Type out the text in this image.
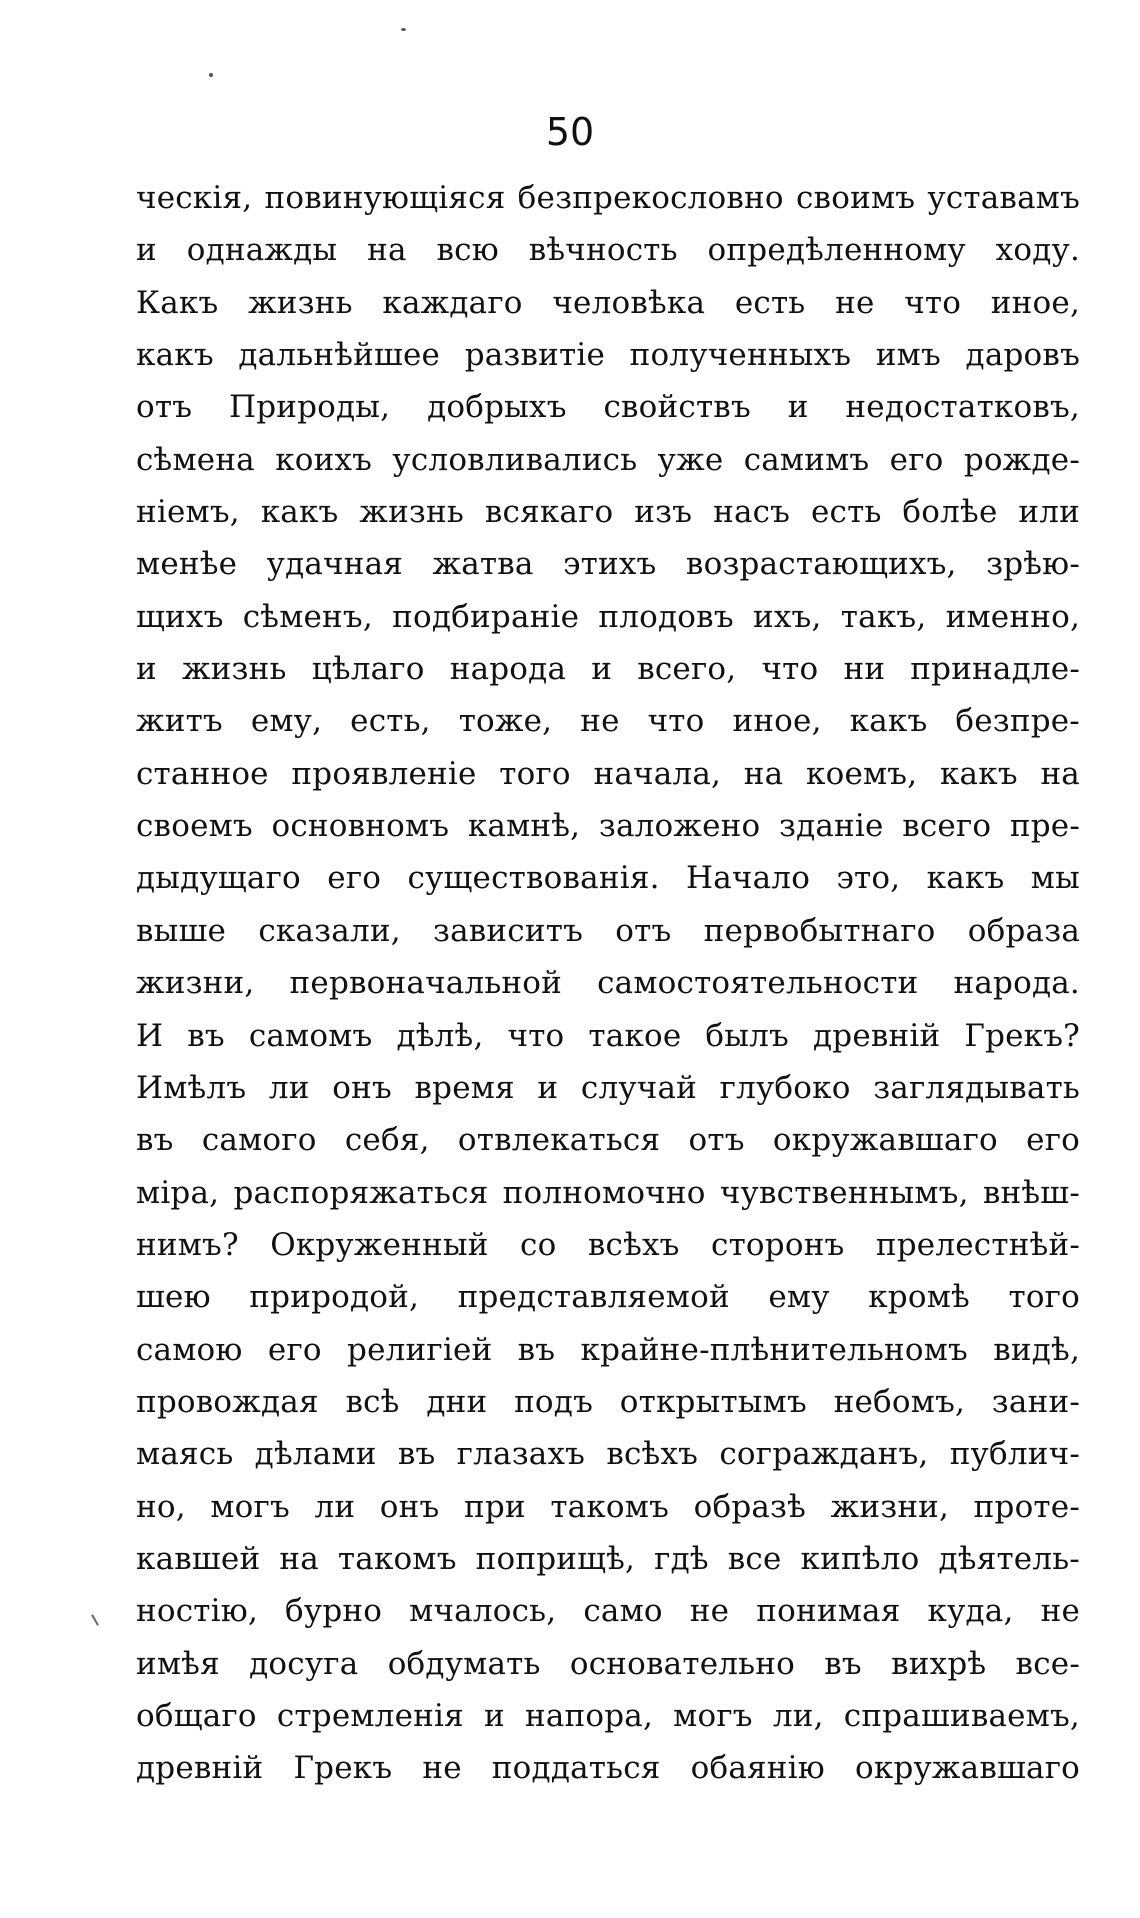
50
ческія, повинующіяся безпрекословно своимъ уставамъ
и однажды на всю вѣчность опредѣленному ходу.
Какъ жизнь каждаго человѣка есть не что иное,
какъ дальнѣйшее развитіе полученныхъ имъ даровъ
отъ Природы, добрыхъ свойствъ и недостатковъ,
сѣмена коихъ условливались уже самимъ его рожде-
ніемъ, какъ жизнь всякаго изъ насъ есть болѣе или
менѣе удачная жатва этихъ возрастающихъ, зрѣю-
щихъ сѣменъ, подбираніе плодовъ ихъ, такъ, именно,
и жизнь цѣлаго народа и всего, что ни принадле-
житъ ему, есть, тоже, не что иное, какъ безпре-
станное проявленіе того начала, на коемъ, какъ на
своемъ основномъ камнѣ, заложено зданіе всего пре-
дыдущаго его существованія. Начало это, какъ мы
выше сказали, зависитъ отъ первобытнаго образа
жизни, первоначальной самостоятельности народа.
И въ самомъ дѣлѣ, что такое былъ древній Грекъ?
Имѣлъ ли онъ время и случай глубоко заглядывать
въ самого себя, отвлекаться отъ окружавшаго его
міра, распоряжаться полномочно чувственнымъ, внѣш-
нимъ? Окруженный со всѣхъ сторонъ прелестнѣй-
шею природой, представляемой ему кромѣ того
самою его религіей въ крайне-плѣнительномъ видѣ,
провождая всѣ дни подъ открытымъ небомъ, зани-
маясь дѣлами въ глазахъ всѣхъ согражданъ, публич-
но, могъ ли онъ при такомъ образѣ жизни, проте-
кавшей на такомъ поприщѣ, гдѣ все кипѣло дѣятель-
ностію, бурно мчалось, само не понимая куда, не
имѣя досуга обдумать основательно въ вихрѣ все-
общаго стремленія и напора, могъ ли, спрашиваемъ,
древній Грекъ не поддаться обаянію окружавшаго
